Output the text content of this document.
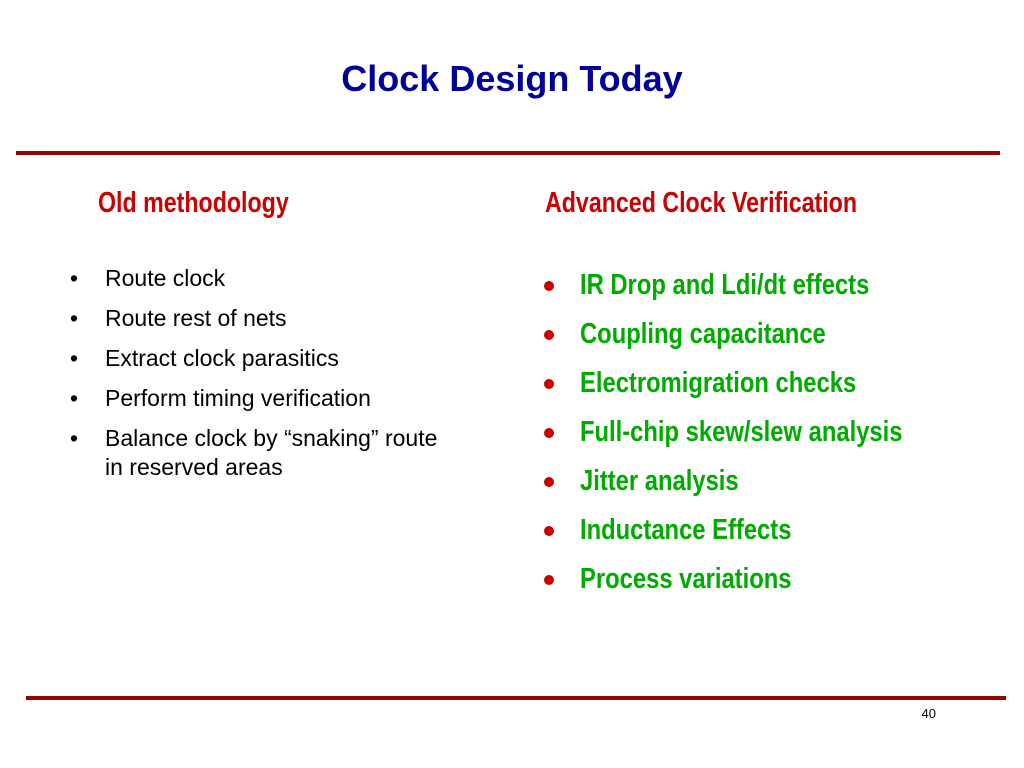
Clock Design Today
Old methodology	Advanced Clock Verification
• Route clock
• Route rest of nets
• Extract clock parasitics
• Perform timing verification
• Balance clock by “snaking” route in reserved areas
IR Drop and Ldi/dt effects
Coupling capacitance
Electromigration checks
Full-chip skew/slew analysis
Jitter analysis
Inductance Effects
Process variations
40
